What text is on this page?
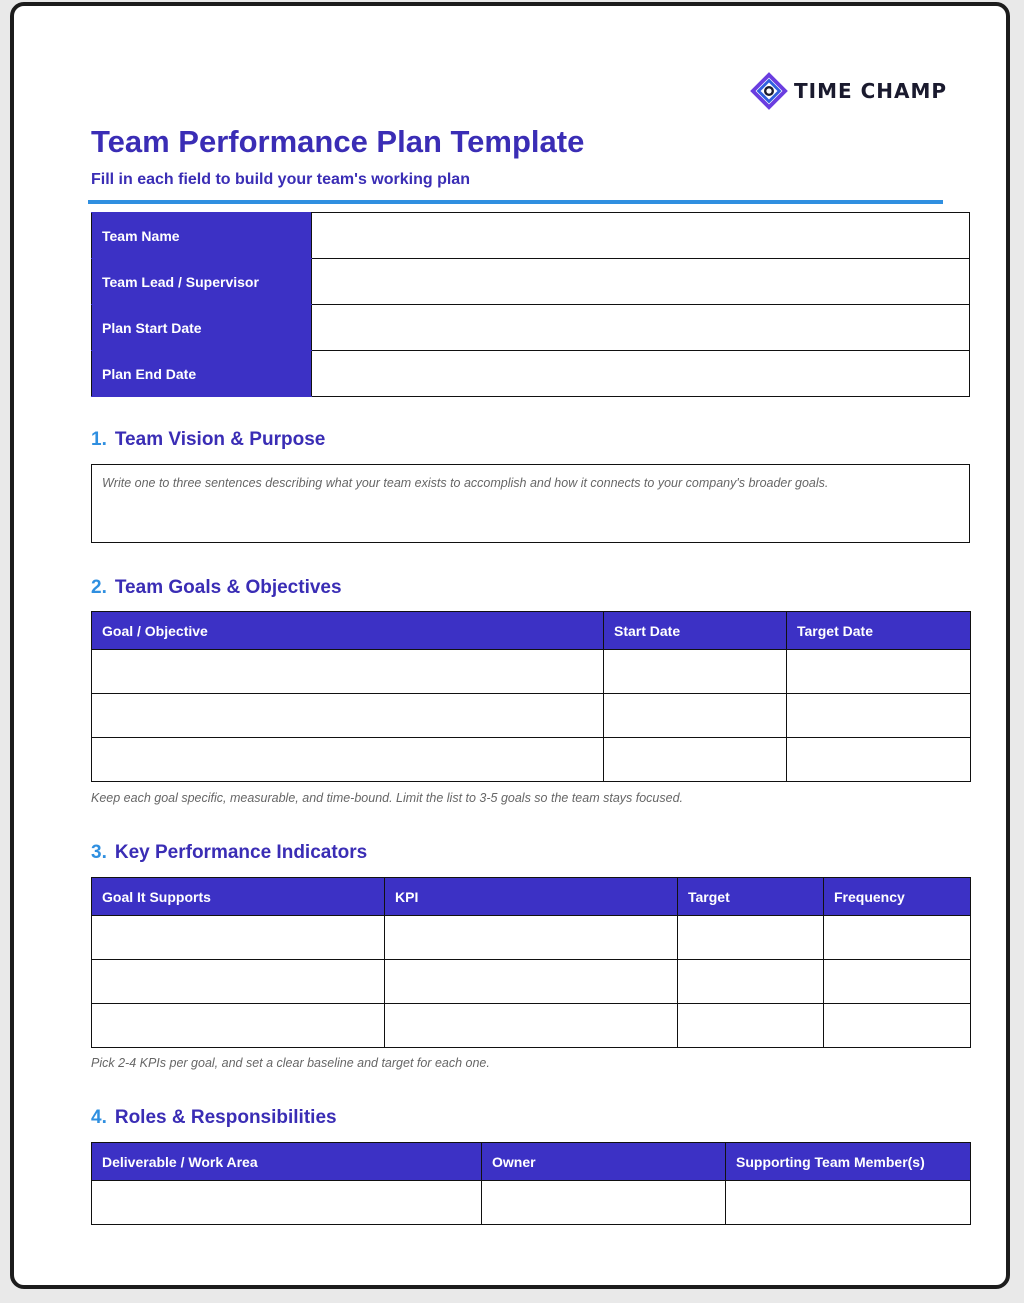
TIME CHAMP
Team Performance Plan Template
Fill in each field to build your team's working plan
Team Name	
Team Lead / Supervisor	
Plan Start Date	
Plan End Date	
1. Team Vision & Purpose
Write one to three sentences describing what your team exists to accomplish and how it connects to your company's broader goals.
2. Team Goals & Objectives
Goal / Objective	Start Date	Target Date

Keep each goal specific, measurable, and time-bound. Limit the list to 3-5 goals so the team stays focused.
3. Key Performance Indicators
Goal It Supports	KPI	Target	Frequency

Pick 2-4 KPIs per goal, and set a clear baseline and target for each one.
4. Roles & Responsibilities
Deliverable / Work Area	Owner	Supporting Team Member(s)
